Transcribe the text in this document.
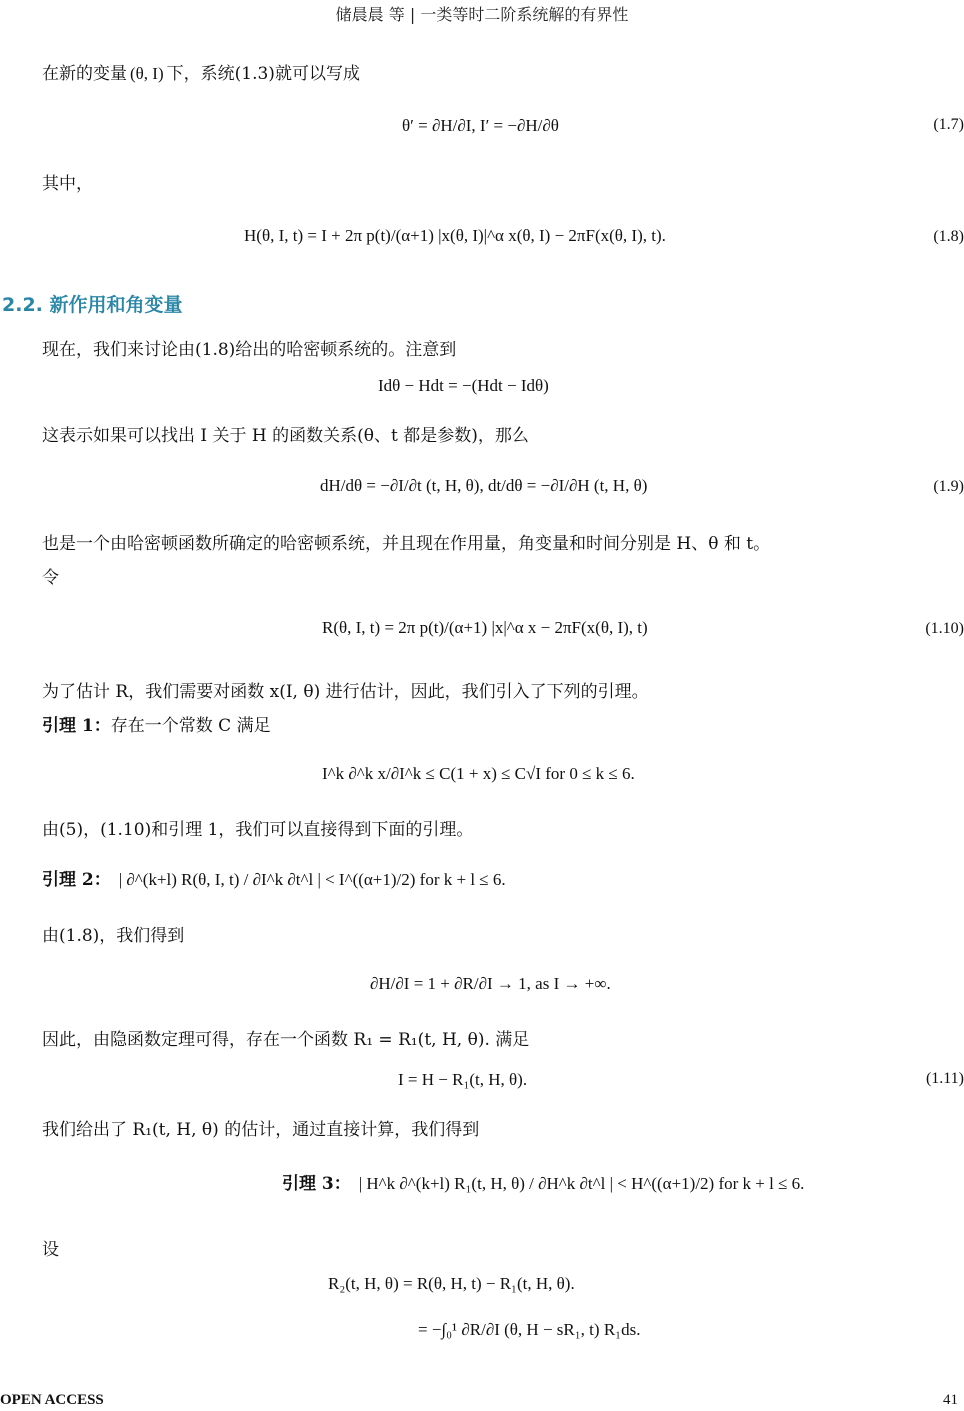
储晨晨 等 | 一类等时二阶系统解的有界性
在新的变量 (θ, I) 下，系统(1.3)就可以写成
θ′ = ∂H/∂I, I′ = −∂H/∂θ	(1.7)
其中，
H(θ, I, t) = I + 2π p(t)/(α+1) |x(θ, I)|^α x(θ, I) − 2πF(x(θ, I), t).	(1.8)
2.2. 新作用和角变量
现在，我们来讨论由(1.8)给出的哈密顿系统的。注意到
Idθ − Hdt = −(Hdt − Idθ)
这表示如果可以找出 I 关于 H 的函数关系(θ、t 都是参数)，那么
dH/dθ = −∂I/∂t (t, H, θ), dt/dθ = −∂I/∂H (t, H, θ)	(1.9)
也是一个由哈密顿函数所确定的哈密顿系统，并且现在作用量，角变量和时间分别是 H、θ 和 t。
令
R(θ, I, t) = 2π p(t)/(α+1) |x|^α x − 2πF(x(θ, I), t)	(1.10)
为了估计 R，我们需要对函数 x(I, θ) 进行估计，因此，我们引入了下列的引理。
引理 1：存在一个常数 C 满足
I^k ∂^k x/∂I^k ≤ C(1 + x) ≤ C√I for 0 ≤ k ≤ 6.
由(5)，(1.10)和引理 1，我们可以直接得到下面的引理。
引理 2： | ∂^(k+l) R(θ, I, t) / ∂I^k ∂t^l | < I^((α+1)/2) for k + l ≤ 6.
由(1.8)，我们得到
∂H/∂I = 1 + ∂R/∂I → 1, as I → +∞.
因此，由隐函数定理可得，存在一个函数 R₁ = R₁(t, H, θ). 满足
I = H − R₁(t, H, θ).	(1.11)
我们给出了 R₁(t, H, θ) 的估计，通过直接计算，我们得到
引理 3： | H^k ∂^(k+l) R₁(t, H, θ) / ∂H^k ∂t^l | < H^((α+1)/2) for k + l ≤ 6.
设
R₂(t, H, θ) = R(θ, H, t) − R₁(t, H, θ).
= −∫₀¹ ∂R/∂I (θ, H − sR₁, t) R₁ds.
OPEN ACCESS	41
